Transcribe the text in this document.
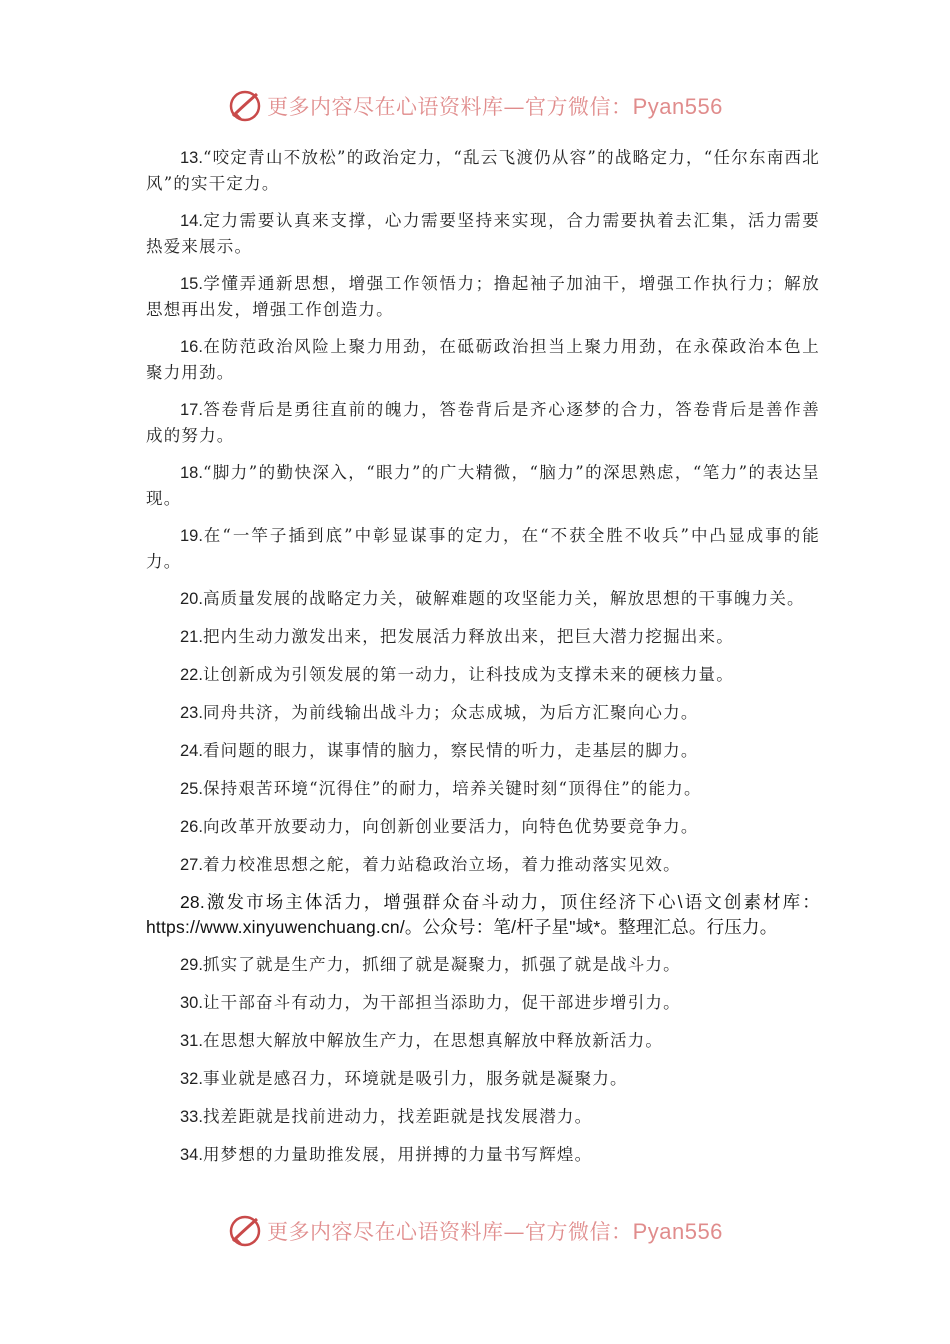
更多内容尽在心语资料库—官方微信：Pyan556

13.“咬定青山不放松”的政治定力，“乱云飞渡仍从容”的战略定力，“任尔东南西北风”的实干定力。

14.定力需要认真来支撑，心力需要坚持来实现，合力需要执着去汇集，活力需要热爱来展示。

15.学懂弄通新思想，增强工作领悟力；撸起袖子加油干，增强工作执行力；解放思想再出发，增强工作创造力。

16.在防范政治风险上聚力用劲，在砥砺政治担当上聚力用劲，在永葆政治本色上聚力用劲。

17.答卷背后是勇往直前的魄力，答卷背后是齐心逐梦的合力，答卷背后是善作善成的努力。

18.“脚力”的勤快深入，“眼力”的广大精微，“脑力”的深思熟虑，“笔力”的表达呈现。

19.在“一竿子插到底”中彰显谋事的定力，在“不获全胜不收兵”中凸显成事的能力。

20.高质量发展的战略定力关，破解难题的攻坚能力关，解放思想的干事魄力关。

21.把内生动力激发出来，把发展活力释放出来，把巨大潜力挖掘出来。

22.让创新成为引领发展的第一动力，让科技成为支撑未来的硬核力量。

23.同舟共济，为前线输出战斗力；众志成城，为后方汇聚向心力。

24.看问题的眼力，谋事情的脑力，察民情的听力，走基层的脚力。

25.保持艰苦环境“沉得住”的耐力，培养关键时刻“顶得住”的能力。

26.向改革开放要动力，向创新创业要活力，向特色优势要竞争力。

27.着力校准思想之舵，着力站稳政治立场，着力推动落实见效。

28.激发市场主体活力，增强群众奋斗动力，顶住经济下心\语文创素材库：https://www.xinyuwenchuang.cn/。公众号：笔/杆子星"域*。整理汇总。行压力。

29.抓实了就是生产力，抓细了就是凝聚力，抓强了就是战斗力。

30.让干部奋斗有动力，为干部担当添助力，促干部进步增引力。

31.在思想大解放中解放生产力，在思想真解放中释放新活力。

32.事业就是感召力，环境就是吸引力，服务就是凝聚力。

33.找差距就是找前进动力，找差距就是找发展潜力。

34.用梦想的力量助推发展，用拼搏的力量书写辉煌。

更多内容尽在心语资料库—官方微信：Pyan556
